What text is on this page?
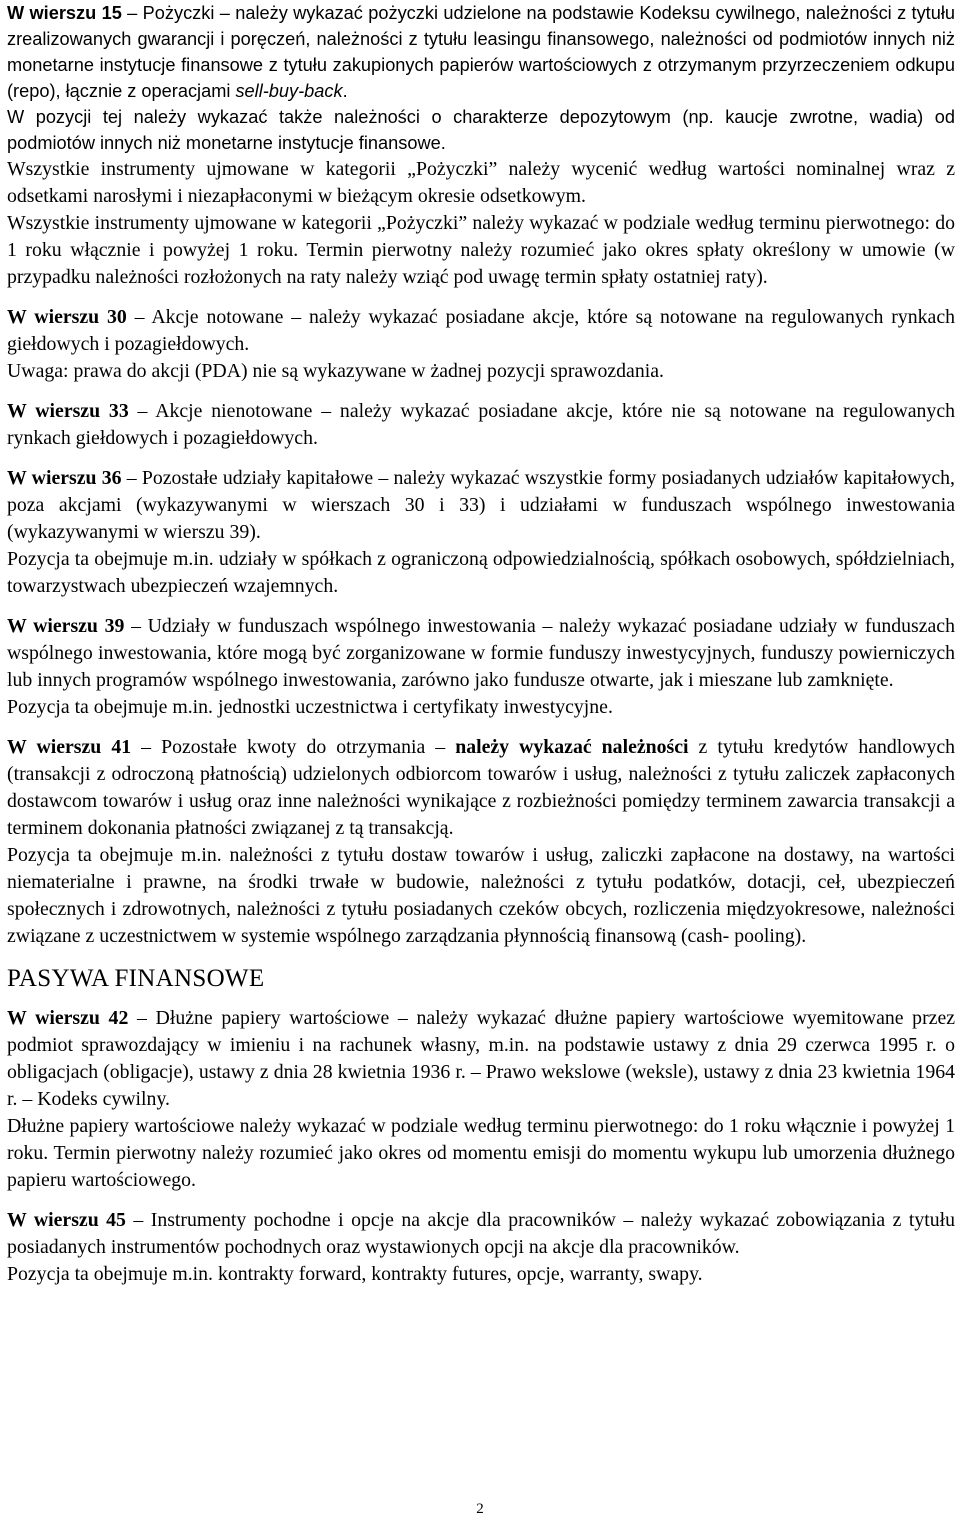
W wierszu 15 – Pożyczki – należy wykazać pożyczki udzielone na podstawie Kodeksu cywilnego, należności z tytułu zrealizowanych gwarancji i poręczeń, należności z tytułu leasingu finansowego, należności od podmiotów innych niż monetarne instytucje finansowe z tytułu zakupionych papierów wartościowych z otrzymanym przyrzeczeniem odkupu (repo), łącznie z operacjami sell-buy-back.

W pozycji tej należy wykazać także należności o charakterze depozytowym (np. kaucje zwrotne, wadia) od podmiotów innych niż monetarne instytucje finansowe.

Wszystkie instrumenty ujmowane w kategorii „Pożyczki” należy wycenić według wartości nominalnej wraz z odsetkami narosłymi i niezapłaconymi w bieżącym okresie odsetkowym.

Wszystkie instrumenty ujmowane w kategorii „Pożyczki” należy wykazać w podziale według terminu pierwotnego: do 1 roku włącznie i powyżej 1 roku. Termin pierwotny należy rozumieć jako okres spłaty określony w umowie (w przypadku należności rozłożonych na raty należy wziąć pod uwagę termin spłaty ostatniej raty).

W wierszu 30 – Akcje notowane – należy wykazać posiadane akcje, które są notowane na regulowanych rynkach giełdowych i pozagiełdowych.

Uwaga: prawa do akcji (PDA) nie są wykazywane w żadnej pozycji sprawozdania.

W wierszu 33 – Akcje nienotowane – należy wykazać posiadane akcje, które nie są notowane na regulowanych rynkach giełdowych i pozagiełdowych.

W wierszu 36 – Pozostałe udziały kapitałowe – należy wykazać wszystkie formy posiadanych udziałów kapitałowych, poza akcjami (wykazywanymi w wierszach 30 i 33) i udziałami w funduszach wspólnego inwestowania (wykazywanymi w wierszu 39).

Pozycja ta obejmuje m.in. udziały w spółkach z ograniczoną odpowiedzialnością, spółkach osobowych, spółdzielniach, towarzystwach ubezpieczeń wzajemnych.

W wierszu 39 – Udziały w funduszach wspólnego inwestowania – należy wykazać posiadane udziały w funduszach wspólnego inwestowania, które mogą być zorganizowane w formie funduszy inwestycyjnych, funduszy powierniczych lub innych programów wspólnego inwestowania, zarówno jako fundusze otwarte, jak i mieszane lub zamknięte.

Pozycja ta obejmuje m.in. jednostki uczestnictwa i certyfikaty inwestycyjne.

W wierszu 41 – Pozostałe kwoty do otrzymania – należy wykazać należności z tytułu kredytów handlowych (transakcji z odroczoną płatnością) udzielonych odbiorcom towarów i usług, należności z tytułu zaliczek zapłaconych dostawcom towarów i usług oraz inne należności wynikające z rozbieżności pomiędzy terminem zawarcia transakcji a terminem dokonania płatności związanej z tą transakcją.

Pozycja ta obejmuje m.in. należności z tytułu dostaw towarów i usług, zaliczki zapłacone na dostawy, na wartości niematerialne i prawne, na środki trwałe w budowie, należności z tytułu podatków, dotacji, ceł, ubezpieczeń społecznych i zdrowotnych, należności z tytułu posiadanych czeków obcych, rozliczenia międzyokresowe, należności związane z uczestnictwem w systemie wspólnego zarządzania płynnością finansową (cash- pooling).

PASYWA FINANSOWE

W wierszu 42 – Dłużne papiery wartościowe – należy wykazać dłużne papiery wartościowe wyemitowane przez podmiot sprawozdający w imieniu i na rachunek własny, m.in. na podstawie ustawy z dnia 29 czerwca 1995 r. o obligacjach (obligacje), ustawy z dnia 28 kwietnia 1936 r. – Prawo wekslowe (weksle), ustawy z dnia 23 kwietnia 1964 r. – Kodeks cywilny.

Dłużne papiery wartościowe należy wykazać w podziale według terminu pierwotnego: do 1 roku włącznie i powyżej 1 roku. Termin pierwotny należy rozumieć jako okres od momentu emisji do momentu wykupu lub umorzenia dłużnego papieru wartościowego.

W wierszu 45 – Instrumenty pochodne i opcje na akcje dla pracowników – należy wykazać zobowiązania z tytułu posiadanych instrumentów pochodnych oraz wystawionych opcji na akcje dla pracowników.

Pozycja ta obejmuje m.in. kontrakty forward, kontrakty futures, opcje, warranty, swapy.

2
